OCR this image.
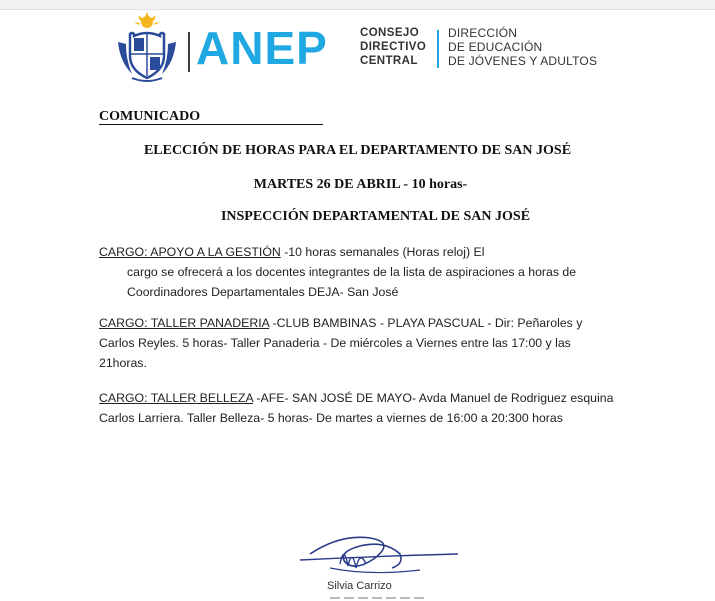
ANEP	CONSEJO
DIRECTIVO
CENTRAL
DIRECCIÓN
DE EDUCACIÓN
DE JÓVENES Y ADULTOS
COMUNICADO
ELECCIÓN DE HORAS PARA EL DEPARTAMENTO DE SAN JOSÉ
MARTES 26 DE ABRIL - 10 horas-
INSPECCIÓN DEPARTAMENTAL DE SAN JOSÉ
CARGO: APOYO A LA GESTIÓN -10 horas semanales (Horas reloj) El
cargo se ofrecerá a los docentes integrantes de la lista de aspiraciones a horas de
Coordinadores Departamentales DEJA- San José
CARGO: TALLER PANADERIA -CLUB BAMBINAS - PLAYA PASCUAL - Dir: Peñaroles y
Carlos Reyles. 5 horas- Taller Panaderia - De miércoles a Viernes entre las 17:00 y las
21horas.
CARGO: TALLER BELLEZA -AFE- SAN JOSÉ DE MAYO- Avda Manuel de Rodriguez esquina
Carlos Larriera. Taller Belleza- 5 horas- De martes a viernes de 16:00 a 20:300 horas
Silvia Carrizo
